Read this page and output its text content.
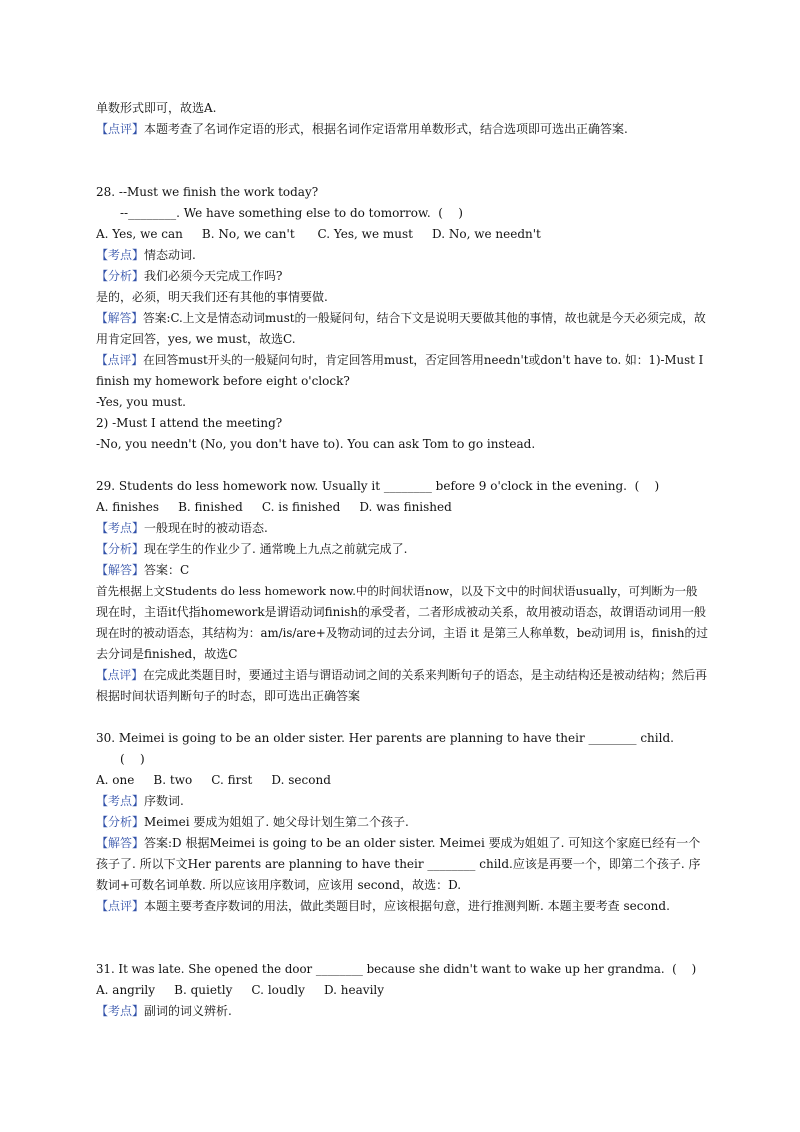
单数形式即可，故选A.
【点评】本题考查了名词作定语的形式，根据名词作定语常用单数形式，结合选项即可选出正确答案.
28. --Must we finish the work today?
--________. We have something else to do tomorrow.  (    )
A. Yes, we can     B. No, we can't      C. Yes, we must     D. No, we needn't
【考点】情态动词.
【分析】我们必须今天完成工作吗?
是的，必须，明天我们还有其他的事情要做.
【解答】答案:C.上文是情态动词must的一般疑问句，结合下文是说明天要做其他的事情，故也就是今天必须完成，故
用肯定回答，yes, we must，故选C.
【点评】在回答must开头的一般疑问句时，肯定回答用must，否定回答用needn't或don't have to. 如：1)-Must I
finish my homework before eight o'clock?
-Yes, you must.
2) -Must I attend the meeting?
-No, you needn't (No, you don't have to). You can ask Tom to go instead.
29. Students do less homework now. Usually it ________ before 9 o'clock in the evening.  (    )
A. finishes     B. finished     C. is finished     D. was finished
【考点】一般现在时的被动语态.
【分析】现在学生的作业少了. 通常晚上九点之前就完成了.
【解答】答案：C
首先根据上文Students do less homework now.中的时间状语now，以及下文中的时间状语usually，可判断为一般
现在时，主语it代指homework是谓语动词finish的承受者，二者形成被动关系，故用被动语态，故谓语动词用一般
现在时的被动语态，其结构为：am/is/are+及物动词的过去分词，主语 it 是第三人称单数，be动词用 is，finish的过
去分词是finished，故选C
【点评】在完成此类题目时，要通过主语与谓语动词之间的关系来判断句子的语态，是主动结构还是被动结构；然后再
根据时间状语判断句子的时态，即可选出正确答案
30. Meimei is going to be an older sister. Her parents are planning to have their ________ child.
(    )
A. one     B. two     C. first     D. second
【考点】序数词.
【分析】Meimei 要成为姐姐了. 她父母计划生第二个孩子.
【解答】答案:D 根据Meimei is going to be an older sister. Meimei 要成为姐姐了. 可知这个家庭已经有一个
孩子了. 所以下文Her parents are planning to have their ________ child.应该是再要一个，即第二个孩子. 序
数词+可数名词单数. 所以应该用序数词，应该用 second，故选：D.
【点评】本题主要考查序数词的用法，做此类题目时，应该根据句意，进行推测判断. 本题主要考查 second.
31. It was late. She opened the door ________ because she didn't want to wake up her grandma.  (    )
A. angrily     B. quietly     C. loudly     D. heavily
【考点】副词的词义辨析.
